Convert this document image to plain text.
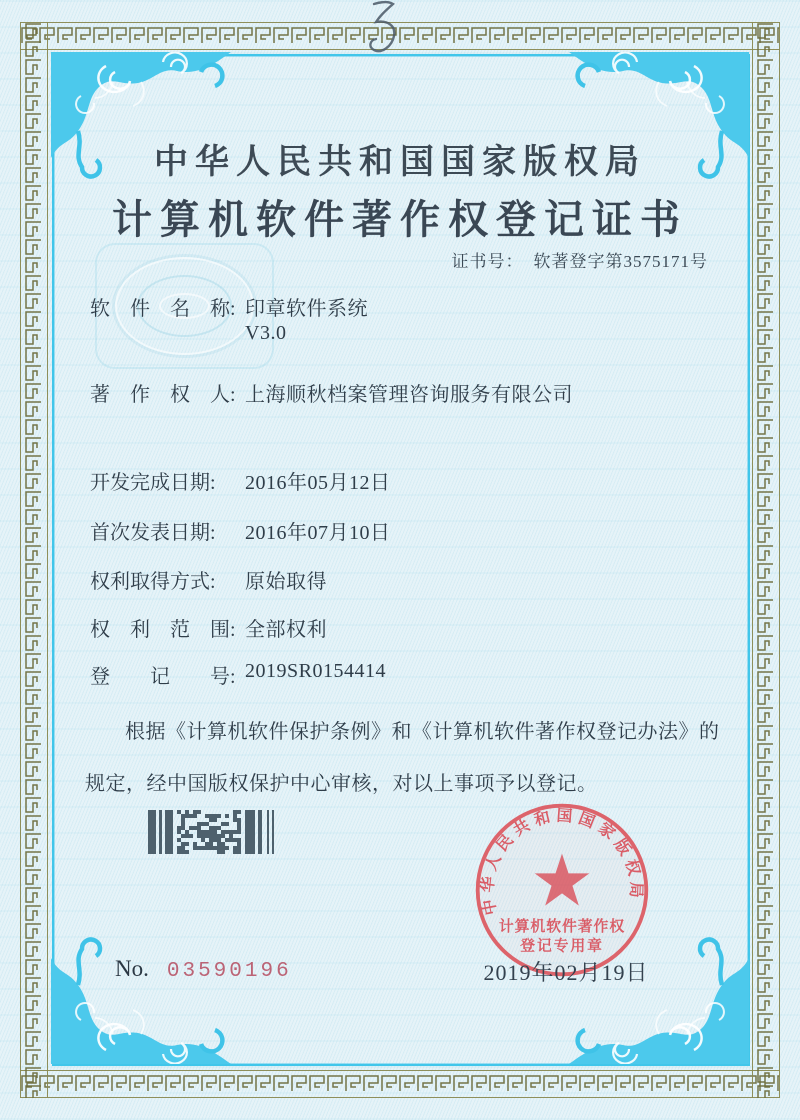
中华人民共和国国家版权局
计算机软件著作权登记证书
证书号： 软著登字第3575171号
软　件　名　称: 印章软件系统
V3.0
著　作　权　人: 上海顺秋档案管理咨询服务有限公司
开发完成日期: 2016年05月12日
首次发表日期: 2016年07月10日
权利取得方式: 原始取得
权　利　范　围: 全部权利
登　　记　　号: 2019SR0154414
根据《计算机软件保护条例》和《计算机软件著作权登记办法》的规定，经中国版权保护中心审核，对以上事项予以登记。
No. 03590196
中华人民共和国国家版权局
计算机软件著作权
登记专用章
2019年02月19日
